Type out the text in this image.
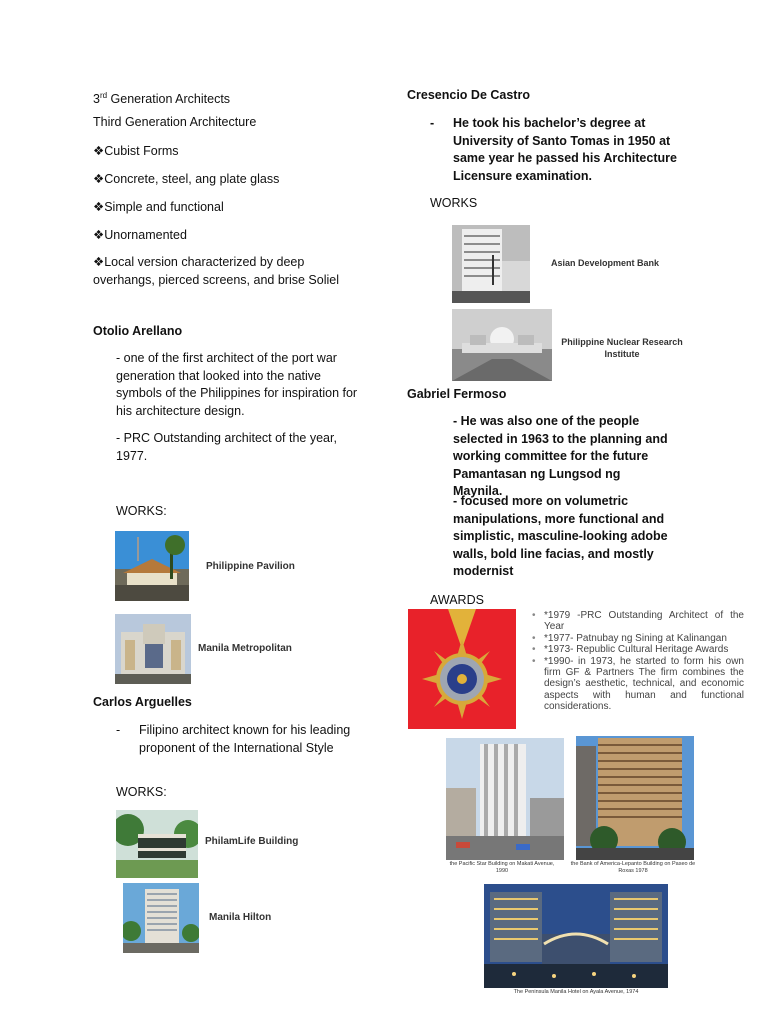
3rd Generation Architects
Third Generation Architecture
❖ Cubist Forms
❖ Concrete, steel, ang plate glass
❖ Simple and functional
❖ Unornamented
❖ Local version characterized by deep overhangs, pierced screens, and brise Soliel
Otolio Arellano
- one of the first architect of the port war generation that looked into the native symbols of the Philippines for inspiration for his architecture design.
- PRC Outstanding architect of the year, 1977.
WORKS:
Philippine Pavilion
Manila Metropolitan
Carlos Arguelles
- Filipino architect known for his leading proponent of the International Style
WORKS:
PhilamLife Building
Manila Hilton
Cresencio De Castro
- He took his bachelor’s degree at University of Santo Tomas in 1950 at same year he passed his Architecture Licensure examination.
WORKS
Asian Development Bank
Philippine Nuclear Research Institute
Gabriel Fermoso
- He was also one of the people selected in 1963 to the planning and working committee for the future Pamantasan ng Lungsod ng Maynila.
- focused more on volumetric manipulations, more functional and simplistic, masculine-looking adobe walls, bold line facias, and mostly modernist
AWARDS
• *1979 -PRC Outstanding Architect of the Year
• *1977- Patnubay ng Sining at Kalinangan
• *1973- Republic Cultural Heritage Awards
• *1990- in 1973, he started to form his own firm GF & Partners The firm combines the design’s aesthetic, technical, and economic aspects with human and functional considerations.
the Pacific Star Building on Makati Avenue, 1990
the Bank of America-Lepanto Building on Paseo de Roxas 1978
The Peninsula Manila Hotel on Ayala Avenue, 1974
